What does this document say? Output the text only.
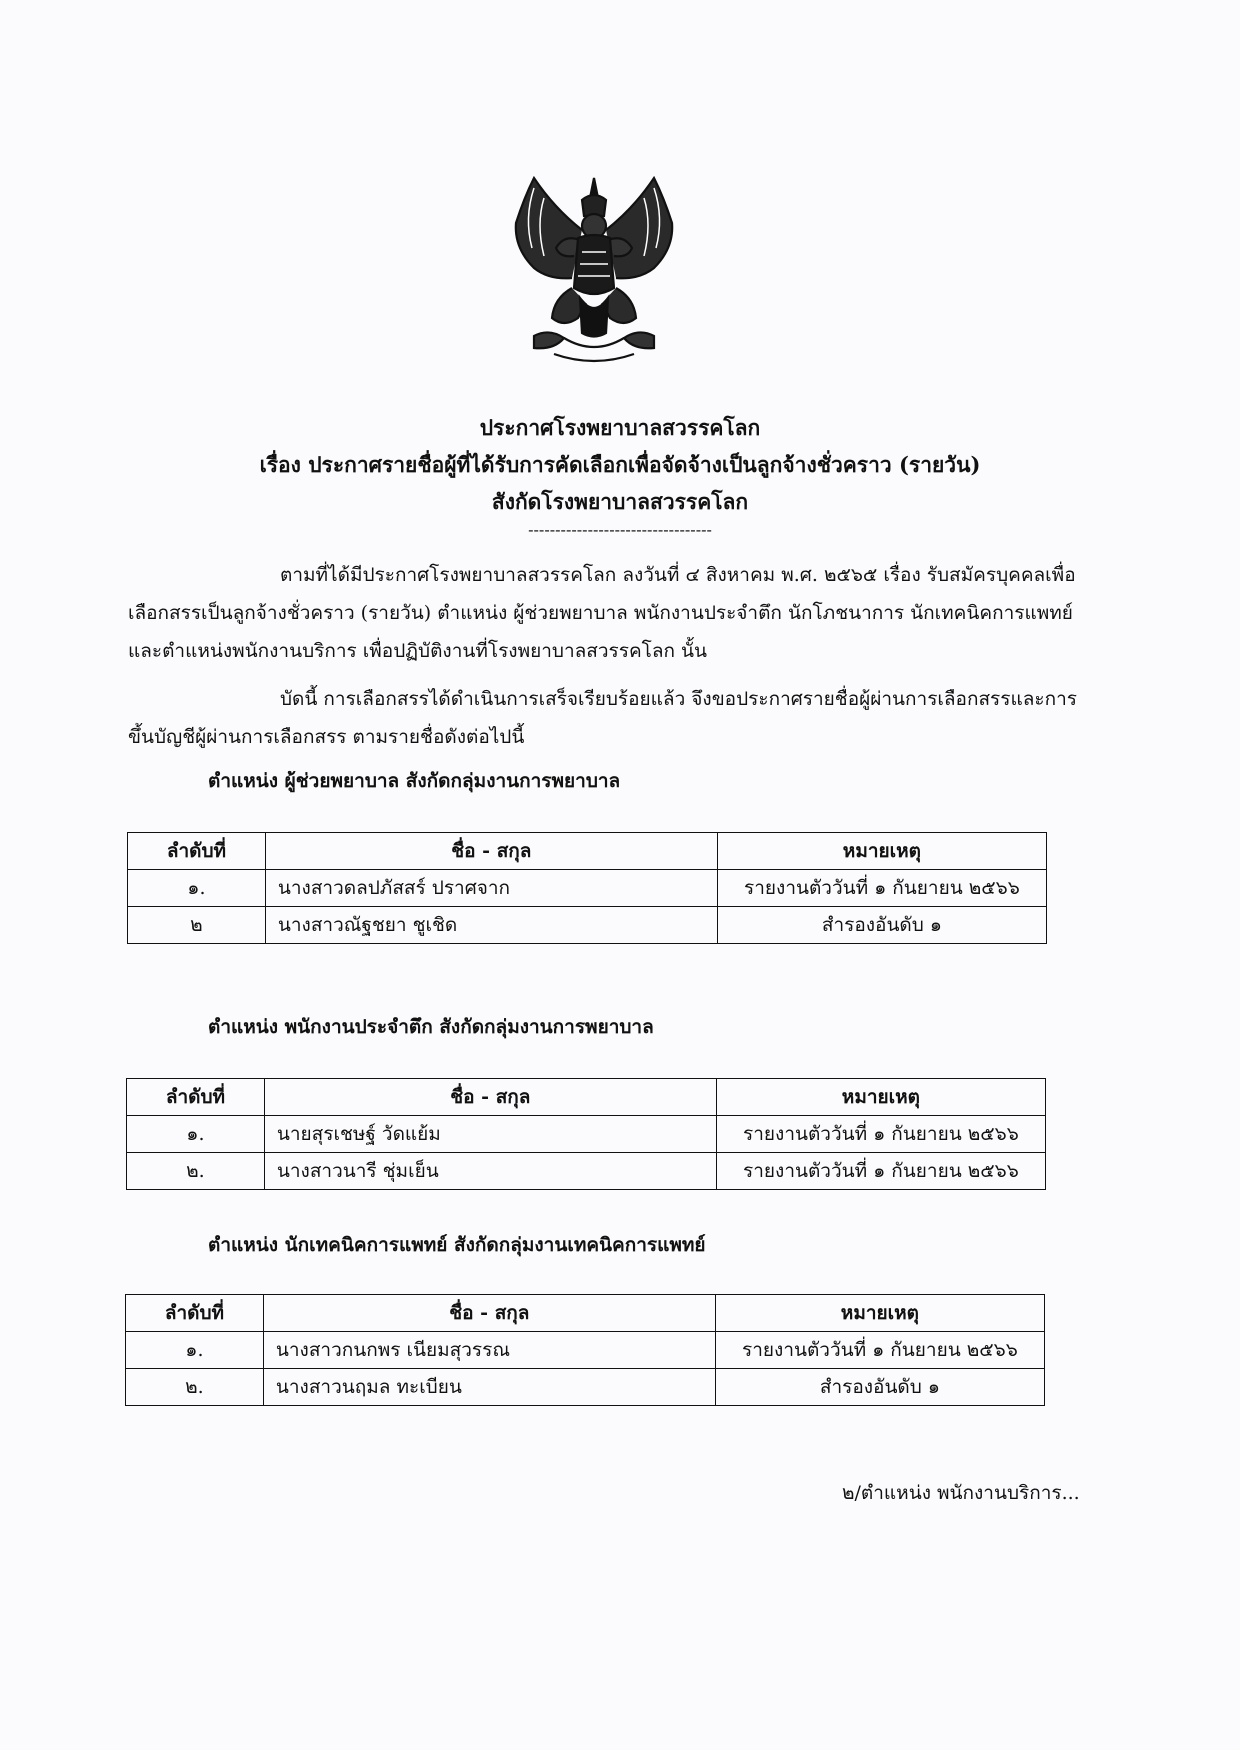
ประกาศโรงพยาบาลสวรรคโลก
เรื่อง ประกาศรายชื่อผู้ที่ได้รับการคัดเลือกเพื่อจัดจ้างเป็นลูกจ้างชั่วคราว (รายวัน)
สังกัดโรงพยาบาลสวรรคโลก
----------------------------------
ตามที่ได้มีประกาศโรงพยาบาลสวรรคโลก ลงวันที่ ๔ สิงหาคม พ.ศ. ๒๕๖๕ เรื่อง รับสมัครบุคคลเพื่อเลือกสรรเป็นลูกจ้างชั่วคราว (รายวัน) ตำแหน่ง ผู้ช่วยพยาบาล พนักงานประจำตึก นักโภชนาการ นักเทคนิคการแพทย์ และตำแหน่งพนักงานบริการ เพื่อปฏิบัติงานที่โรงพยาบาลสวรรคโลก นั้น
บัดนี้ การเลือกสรรได้ดำเนินการเสร็จเรียบร้อยแล้ว จึงขอประกาศรายชื่อผู้ผ่านการเลือกสรรและการขึ้นบัญชีผู้ผ่านการเลือกสรร ตามรายชื่อดังต่อไปนี้
ตำแหน่ง ผู้ช่วยพยาบาล สังกัดกลุ่มงานการพยาบาล
ลำดับที่	ชื่อ - สกุล	หมายเหตุ
๑.	นางสาวดลปภัสสร์ ปราศจาก	รายงานตัววันที่ ๑ กันยายน ๒๕๖๖
๒	นางสาวณัฐชยา ชูเชิด	สำรองอันดับ ๑
ตำแหน่ง พนักงานประจำตึก สังกัดกลุ่มงานการพยาบาล
ลำดับที่	ชื่อ - สกุล	หมายเหตุ
๑.	นายสุรเชษฐ์ วัดแย้ม	รายงานตัววันที่ ๑ กันยายน ๒๕๖๖
๒.	นางสาวนารี ชุ่มเย็น	รายงานตัววันที่ ๑ กันยายน ๒๕๖๖
ตำแหน่ง นักเทคนิคการแพทย์ สังกัดกลุ่มงานเทคนิคการแพทย์
ลำดับที่	ชื่อ - สกุล	หมายเหตุ
๑.	นางสาวกนกพร เนียมสุวรรณ	รายงานตัววันที่ ๑ กันยายน ๒๕๖๖
๒.	นางสาวนฤมล ทะเบียน	สำรองอันดับ ๑
๒/ตำแหน่ง พนักงานบริการ...
